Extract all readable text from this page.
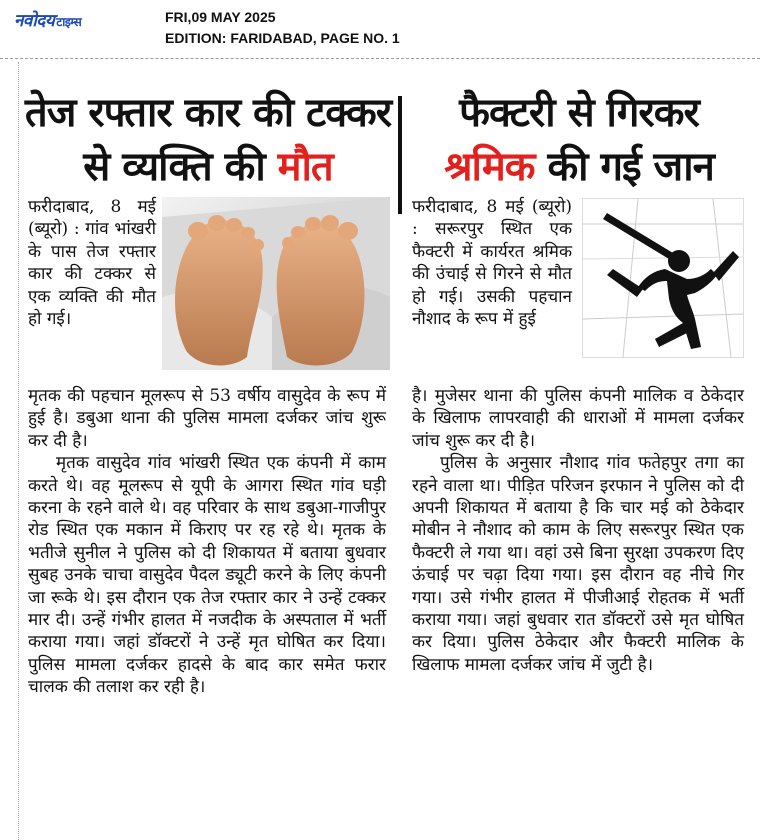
नवोदय टाइम्स	FRI,09 MAY 2025
EDITION: FARIDABAD, PAGE NO. 1
तेज रफ्तार कार की टक्कर
से व्यक्ति की मौत

फरीदाबाद, 8 मई (ब्यूरो) : गांव भांखरी के पास तेज रफ्तार कार की टक्कर से एक व्यक्ति की मौत हो गई।

मृतक की पहचान मूलरूप से 53 वर्षीय वासुदेव के रूप में हुई है। डबुआ थाना की पुलिस मामला दर्जकर जांच शुरू कर दी है।

मृतक वासुदेव गांव भांखरी स्थित एक कंपनी में काम करते थे। वह मूलरूप से यूपी के आगरा स्थित गांव घड़ी करना के रहने वाले थे। वह परिवार के साथ डबुआ-गाजीपुर रोड स्थित एक मकान में किराए पर रह रहे थे। मृतक के भतीजे सुनील ने पुलिस को दी शिकायत में बताया बुधवार सुबह उनके चाचा वासुदेव पैदल ड्यूटी करने के लिए कंपनी जा रूके थे। इस दौरान एक तेज रफ्तार कार ने उन्हें टक्कर मार दी। उन्हें गंभीर हालत में नजदीक के अस्पताल में भर्ती कराया गया। जहां डॉक्टरों ने उन्हें मृत घोषित कर दिया। पुलिस मामला दर्जकर हादसे के बाद कार समेत फरार चालक की तलाश कर रही है।

फैक्टरी से गिरकर
श्रमिक की गई जान

फरीदाबाद, 8 मई (ब्यूरो) : सरूरपुर स्थित एक फैक्टरी में कार्यरत श्रमिक की उंचाई से गिरने से मौत हो गई। उसकी पहचान नौशाद के रूप में हुई

है। मुजेसर थाना की पुलिस कंपनी मालिक व ठेकेदार के खिलाफ लापरवाही की धाराओं में मामला दर्जकर जांच शुरू कर दी है।

पुलिस के अनुसार नौशाद गांव फतेहपुर तगा का रहने वाला था। पीड़ित परिजन इरफान ने पुलिस को दी अपनी शिकायत में बताया है कि चार मई को ठेकेदार मोबीन ने नौशाद को काम के लिए सरूरपुर स्थित एक फैक्टरी ले गया था। वहां उसे बिना सुरक्षा उपकरण दिए ऊंचाई पर चढ़ा दिया गया। इस दौरान वह नीचे गिर गया। उसे गंभीर हालत में पीजीआई रोहतक में भर्ती कराया गया। जहां बुधवार रात डॉक्टरों उसे मृत घोषित कर दिया। पुलिस ठेकेदार और फैक्टरी मालिक के खिलाफ मामला दर्जकर जांच में जुटी है।
